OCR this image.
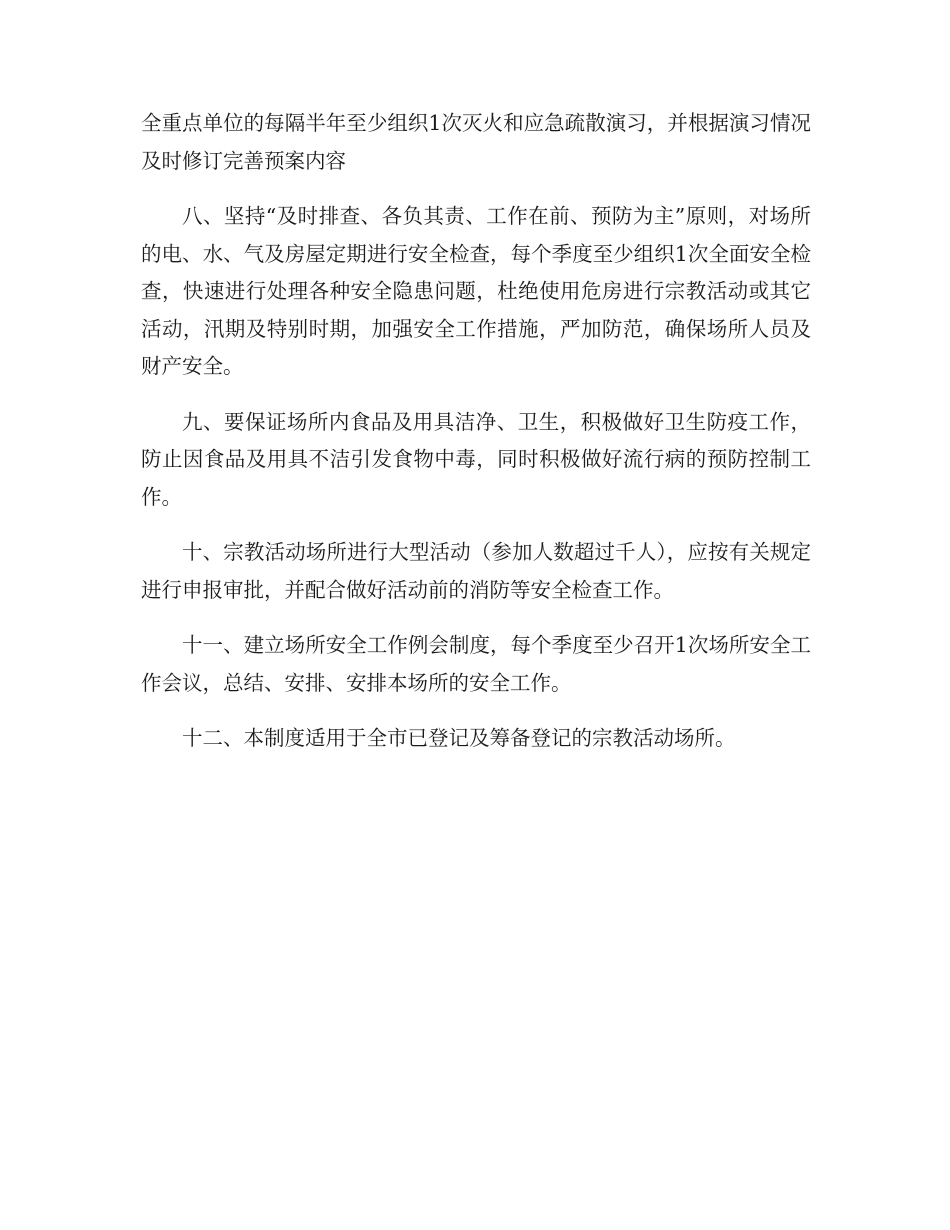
全重点单位的每隔半年至少组织1次灭火和应急疏散演习，并根据演习情况及时修订完善预案内容

八、坚持“及时排查、各负其责、工作在前、预防为主”原则，对场所的电、水、气及房屋定期进行安全检查，每个季度至少组织1次全面安全检查，快速进行处理各种安全隐患问题，杜绝使用危房进行宗教活动或其它活动，汛期及特别时期，加强安全工作措施，严加防范，确保场所人员及财产安全。

九、要保证场所内食品及用具洁净、卫生，积极做好卫生防疫工作，防止因食品及用具不洁引发食物中毒，同时积极做好流行病的预防控制工作。

十、宗教活动场所进行大型活动（参加人数超过千人），应按有关规定进行申报审批，并配合做好活动前的消防等安全检查工作。

十一、建立场所安全工作例会制度，每个季度至少召开1次场所安全工作会议，总结、安排、安排本场所的安全工作。

十二、本制度适用于全市已登记及筹备登记的宗教活动场所。
